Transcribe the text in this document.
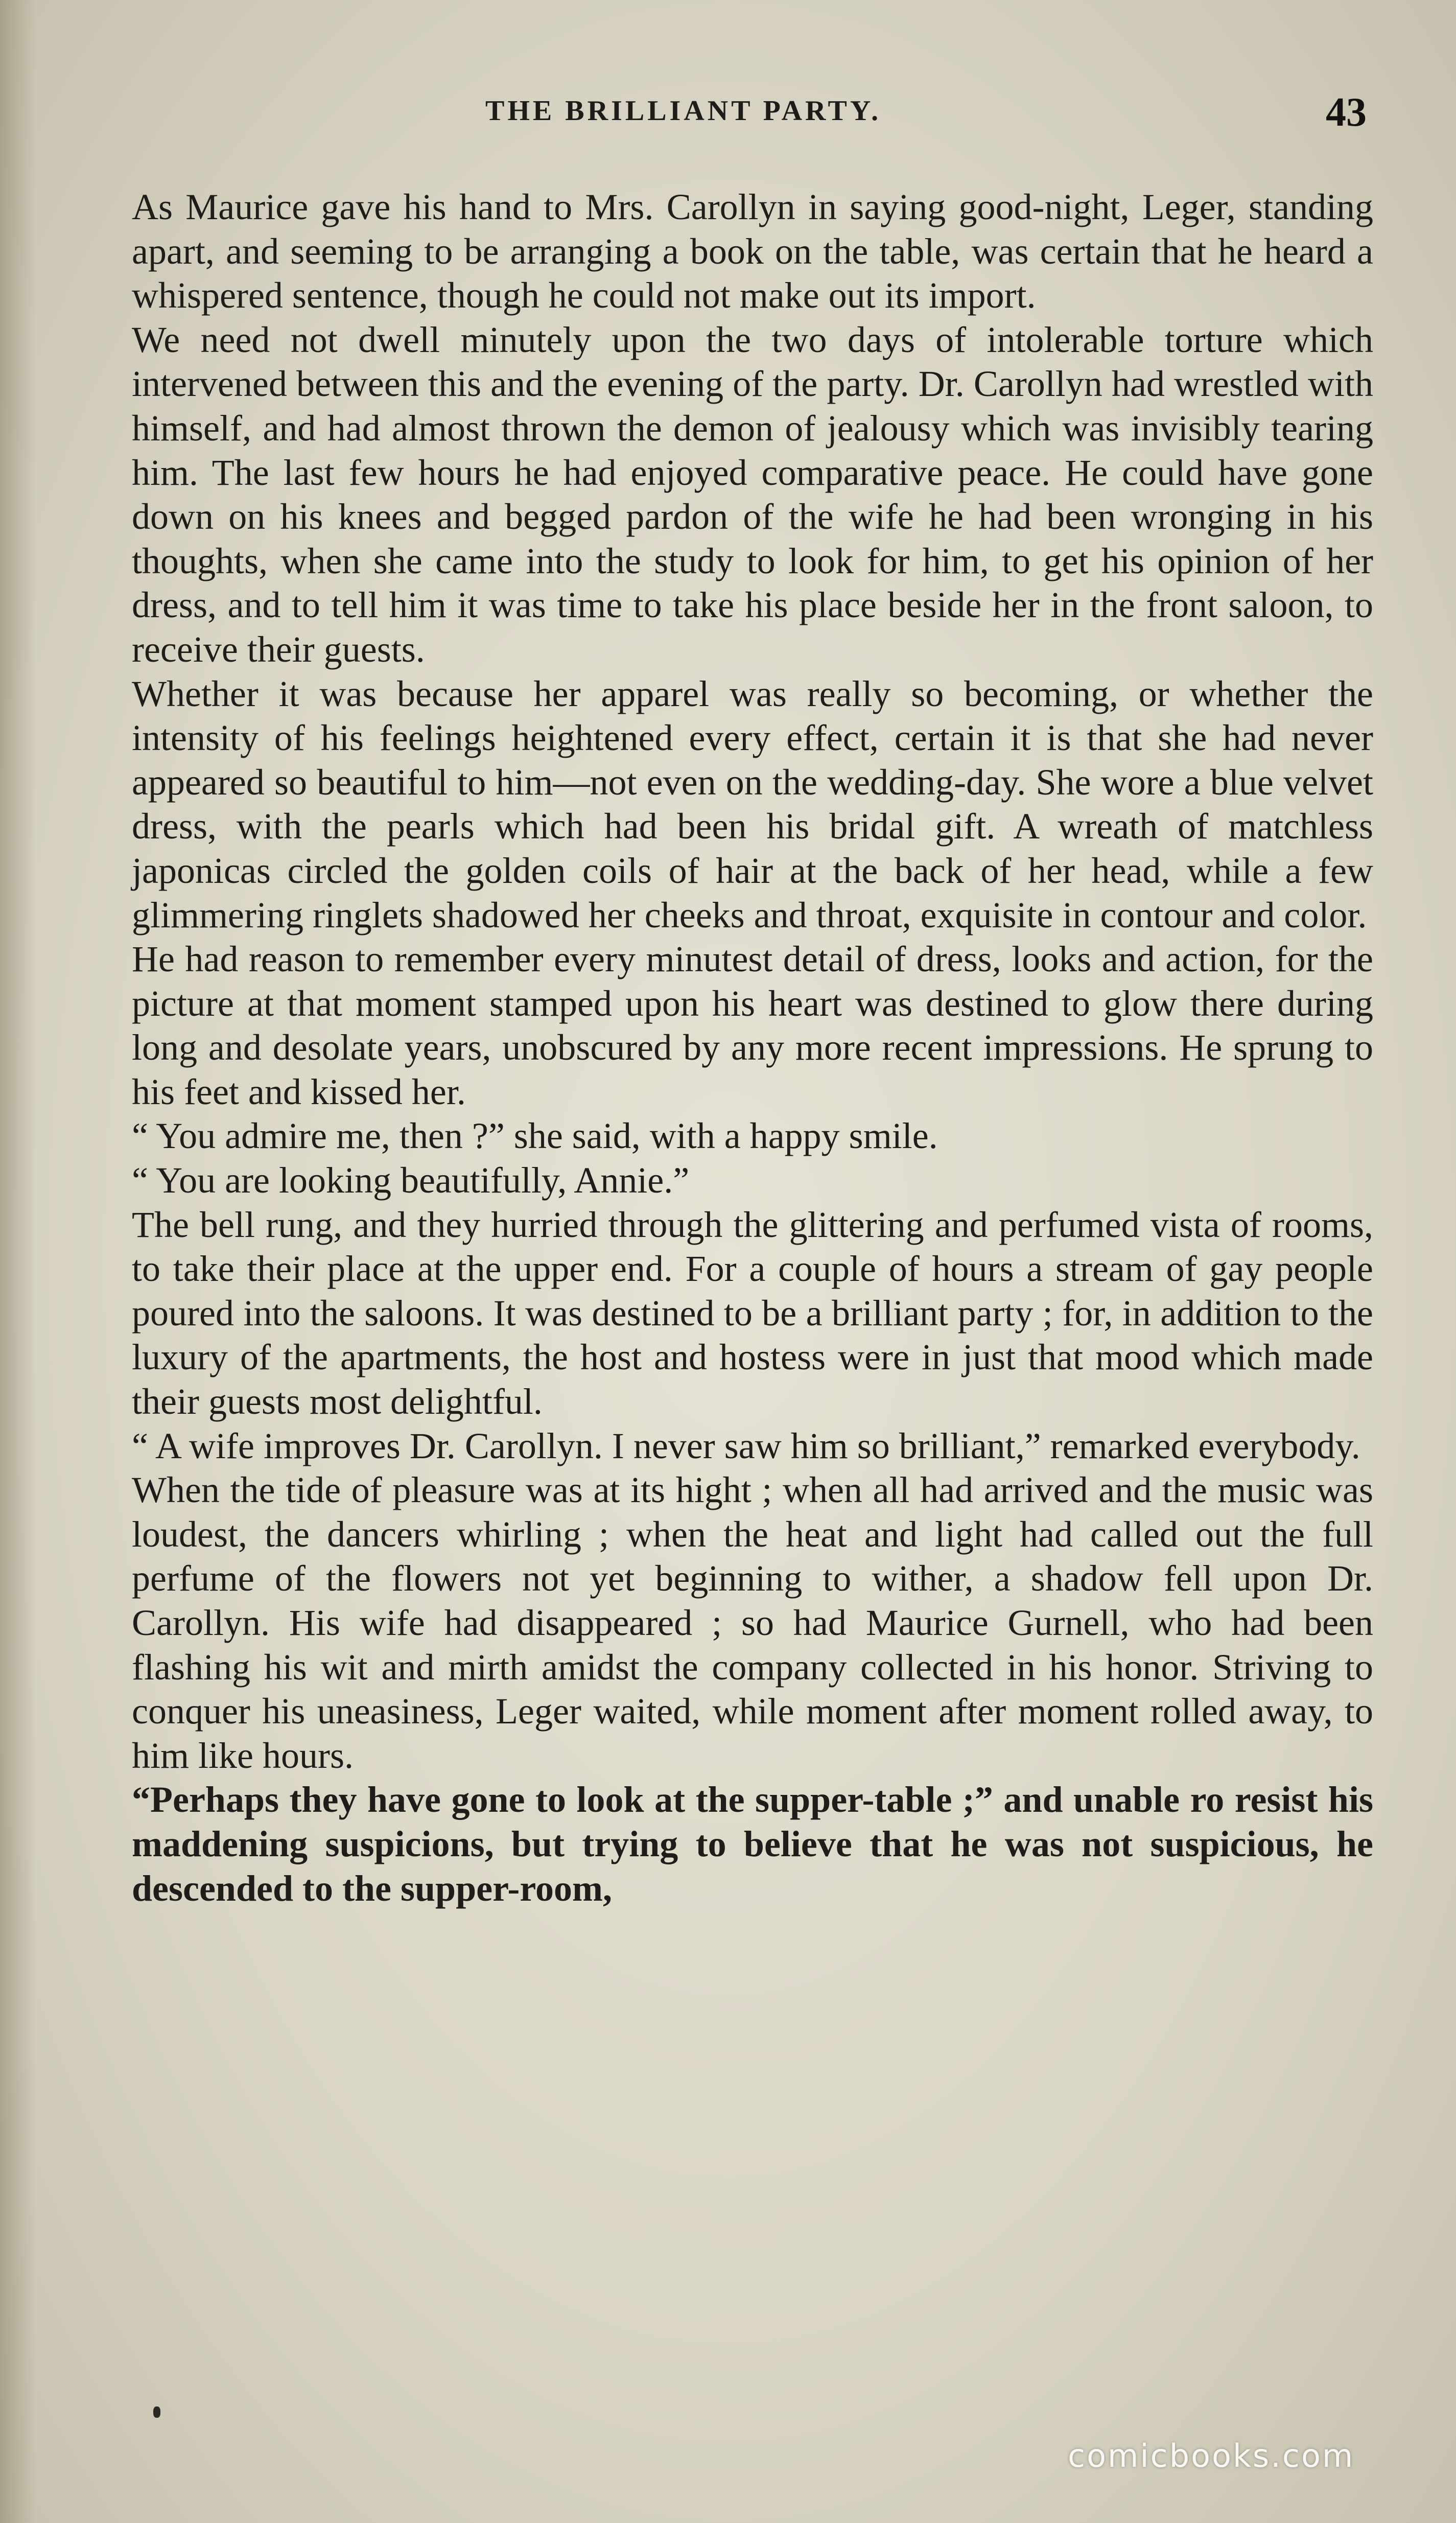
THE BRILLIANT PARTY.	43

As Maurice gave his hand to Mrs. Carollyn in saying good-night, Leger, standing apart, and seeming to be arranging a book on the table, was certain that he heard a whispered sentence, though he could not make out its import.

We need not dwell minutely upon the two days of intolerable torture which intervened between this and the evening of the party. Dr. Carollyn had wrestled with himself, and had almost thrown the demon of jealousy which was invisibly tearing him. The last few hours he had enjoyed comparative peace. He could have gone down on his knees and begged pardon of the wife he had been wronging in his thoughts, when she came into the study to look for him, to get his opinion of her dress, and to tell him it was time to take his place beside her in the front saloon, to receive their guests.

Whether it was because her apparel was really so becoming, or whether the intensity of his feelings heightened every effect, certain it is that she had never appeared so beautiful to him—not even on the wedding-day. She wore a blue velvet dress, with the pearls which had been his bridal gift. A wreath of matchless japonicas circled the golden coils of hair at the back of her head, while a few glimmering ringlets shadowed her cheeks and throat, exquisite in contour and color.

He had reason to remember every minutest detail of dress, looks and action, for the picture at that moment stamped upon his heart was destined to glow there during long and desolate years, unobscured by any more recent impressions. He sprung to his feet and kissed her.

“ You admire me, then ?” she said, with a happy smile.

“ You are looking beautifully, Annie.”

The bell rung, and they hurried through the glittering and perfumed vista of rooms, to take their place at the upper end. For a couple of hours a stream of gay people poured into the saloons. It was destined to be a brilliant party ; for, in addition to the luxury of the apartments, the host and hostess were in just that mood which made their guests most delightful.

“ A wife improves Dr. Carollyn. I never saw him so brilliant,” remarked everybody.

When the tide of pleasure was at its hight ; when all had arrived and the music was loudest, the dancers whirling ; when the heat and light had called out the full perfume of the flowers not yet beginning to wither, a shadow fell upon Dr. Carollyn. His wife had disappeared ; so had Maurice Gurnell, who had been flashing his wit and mirth amidst the company collected in his honor. Striving to conquer his uneasiness, Leger waited, while moment after moment rolled away, to him like hours.

“Perhaps they have gone to look at the supper-table ;” and unable ro resist his maddening suspicions, but trying to believe that he was not suspicious, he descended to the supper-room,

comicbooks.com
